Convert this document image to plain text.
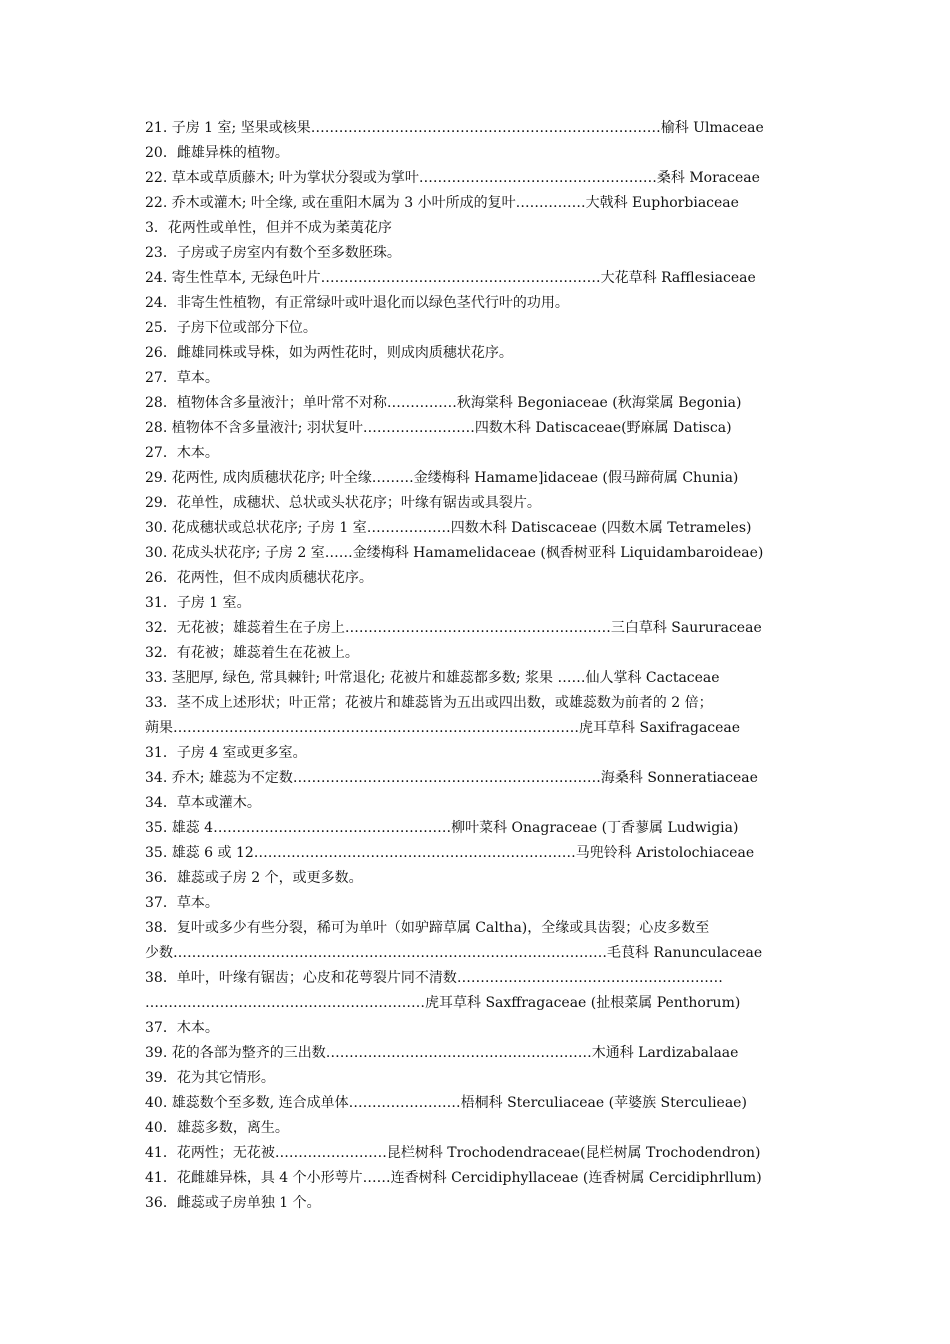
21. 子房 1 室; 坚果或核果…………………………………………………………………榆科 Ulmaceae
20．雌雄异株的植物。
22. 草本或草质藤木; 叶为掌状分裂或为掌叶……………………………………………桑科 Moraceae
22. 乔木或灌木; 叶全缘, 或在重阳木属为 3 小叶所成的复叶……………大戟科 Euphorbiaceae
3．花两性或单性，但并不成为葇荑花序
23．子房或子房室内有数个至多数胚珠。
24. 寄生性草本, 无绿色叶片……………………………………………………大花草科 Rafflesiaceae
24．非寄生性植物，有正常绿叶或叶退化而以绿色茎代行叶的功用。
25．子房下位或部分下位。
26．雌雄同株或导株，如为两性花时，则成肉质穗状花序。
27．草本。
28．植物体含多量液汁；单叶常不对称……………秋海棠科 Begoniaceae (秋海棠属 Begonia)
28. 植物体不含多量液汁; 羽状复叶……………………四数木科 Datiscaceae(野麻属 Datisca)
27．木本。
29. 花两性, 成肉质穗状花序; 叶全缘………金缕梅科 Hamame]idaceae (假马蹄荷属 Chunia)
29．花单性，成穗状、总状或头状花序；叶缘有锯齿或具裂片。
30. 花成穗状或总状花序; 子房 1 室………………四数木科 Datiscaceae (四数木属 Tetrameles)
30. 花成头状花序; 子房 2 室……金缕梅科 Hamamelidaceae (枫香树亚科 Liquidambaroideae)
26．花两性，但不成肉质穗状花序。
31．子房 1 室。
32．无花被；雄蕊着生在子房上…………………………………………………三白草科 Saururaceae
32．有花被；雄蕊着生在花被上。
33. 茎肥厚, 绿色, 常具棘针; 叶常退化; 花被片和雄蕊都多数; 浆果 ……仙人掌科 Cactaceae
33．茎不成上述形状；叶正常；花被片和雄蕊皆为五出或四出数，或雄蕊数为前者的 2 倍；
蒴果……………………………………………………………………………虎耳草科 Saxifragaceae
31．子房 4 室或更多室。
34. 乔木; 雄蕊为不定数…………………………………………………………海桑科 Sonneratiaceae
34．草本或灌木。
35. 雄蕊 4……………………………………………柳叶菜科 Onagraceae (丁香蓼属 Ludwigia)
35. 雄蕊 6 或 12……………………………………………………………马兜铃科 Aristolochiaceae
36．雄蕊或子房 2 个，或更多数。
37．草本。
38．复叶或多少有些分裂，稀可为单叶（如驴蹄草属 Caltha)，全缘或具齿裂；心皮多数至
少数…………………………………………………………………………………毛茛科 Ranunculaceae
38．单叶，叶缘有锯齿；心皮和花萼裂片同不清数…………………………………………………
……………………………………………………虎耳草科 Saxffragaceae (扯根菜属 Penthorum)
37．木本。
39. 花的各部为整齐的三出数…………………………………………………木通科 Lardizabalaae
39．花为其它情形。
40. 雄蕊数个至多数, 连合成单体……………………梧桐科 Sterculiaceae (苹婆族 Sterculieae)
40．雄蕊多数，离生。
41．花两性；无花被……………………昆栏树科 Trochodendraceae(昆栏树属 Trochodendron)
41．花雌雄异株，具 4 个小形萼片……连香树科 Cercidiphyllaceae (连香树属 Cercidiphrllum)
36．雌蕊或子房单独 1 个。
